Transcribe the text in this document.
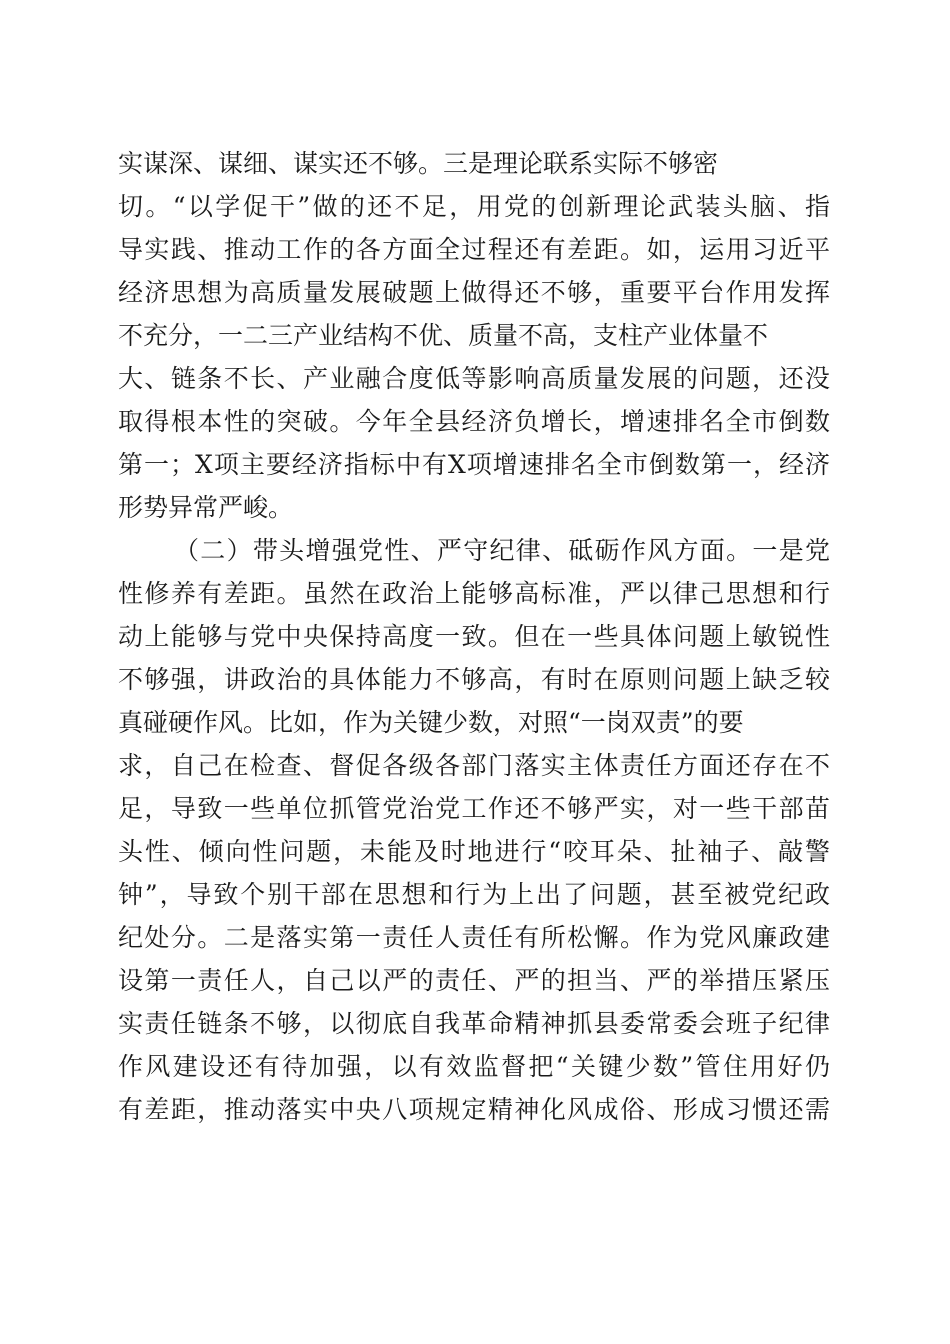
实谋深、谋细、谋实还不够。三是理论联系实际不够密
切。“以学促干”做的还不足，用党的创新理论武装头脑、指
导实践、推动工作的各方面全过程还有差距。如，运用习近平
经济思想为高质量发展破题上做得还不够，重要平台作用发挥
不充分，一二三产业结构不优、质量不高，支柱产业体量不
大、链条不长、产业融合度低等影响高质量发展的问题，还没
取得根本性的突破。今年全县经济负增长，增速排名全市倒数
第一；X项主要经济指标中有X项增速排名全市倒数第一，经济
形势异常严峻。
（二）带头增强党性、严守纪律、砥砺作风方面。一是党
性修养有差距。虽然在政治上能够高标准，严以律己思想和行
动上能够与党中央保持高度一致。但在一些具体问题上敏锐性
不够强，讲政治的具体能力不够高，有时在原则问题上缺乏较
真碰硬作风。比如，作为关键少数，对照“一岗双责”的要
求，自己在检查、督促各级各部门落实主体责任方面还存在不
足，导致一些单位抓管党治党工作还不够严实，对一些干部苗
头性、倾向性问题，未能及时地进行“咬耳朵、扯袖子、敲警
钟”，导致个别干部在思想和行为上出了问题，甚至被党纪政
纪处分。二是落实第一责任人责任有所松懈。作为党风廉政建
设第一责任人，自己以严的责任、严的担当、严的举措压紧压
实责任链条不够，以彻底自我革命精神抓县委常委会班子纪律
作风建设还有待加强，以有效监督把“关键少数”管住用好仍
有差距，推动落实中央八项规定精神化风成俗、形成习惯还需
